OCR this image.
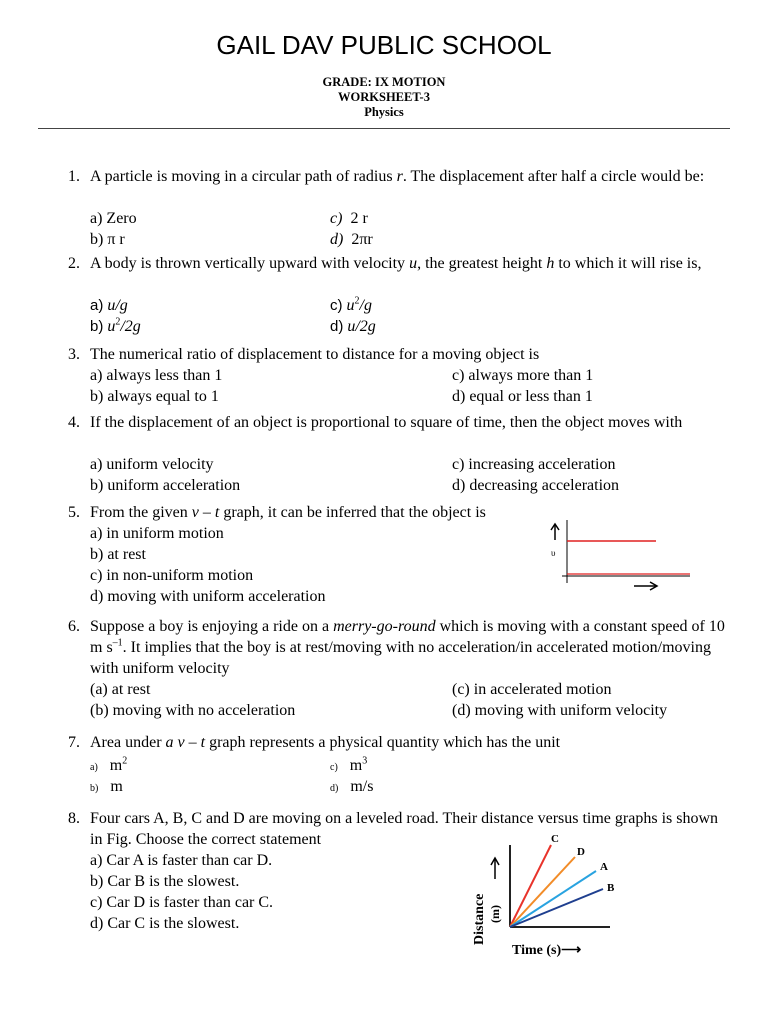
GAIL DAV PUBLIC SCHOOL
GRADE: IX MOTION
WORKSHEET-3
Physics
1. A particle is moving in a circular path of radius r. The displacement after half a circle would be:
a) Zero
b) π r
c) 2 r
d) 2πr
2. A body is thrown vertically upward with velocity u, the greatest height h to which it will rise is,
a) u/g
b) $u^2/2g$
c) $u^2/g$
d) u/2g
3. The numerical ratio of displacement to distance for a moving object is
a) always less than 1
b) always equal to 1
c) always more than 1
d) equal or less than 1
4. If the displacement of an object is proportional to square of time, then the object moves with
a) uniform velocity
b) uniform acceleration
c) increasing acceleration
d) decreasing acceleration
5. From the given v – t graph, it can be inferred that the object is
a) in uniform motion
b) at rest
c) in non-uniform motion
d) moving with uniform acceleration
υ
6. Suppose a boy is enjoying a ride on a merry-go-round which is moving with a constant speed of 10 m $s^{-1}$. It implies that the boy is at rest/moving with no acceleration/in accelerated motion/moving with uniform velocity
(a) at rest
(b) moving with no acceleration
(c) in accelerated motion
(d) moving with uniform velocity
7. Area under a v – t graph represents a physical quantity which has the unit
a) $m^2$
b) m
c) $m^3$
d) m/s
8. Four cars A, B, C and D are moving on a leveled road. Their distance versus time graphs is shown in Fig. Choose the correct statement
a) Car A is faster than car D.
b) Car B is the slowest.
c) Car D is faster than car C.
d) Car C is the slowest.	Distance (m)
C
D
A
B
Time (s)⟶
